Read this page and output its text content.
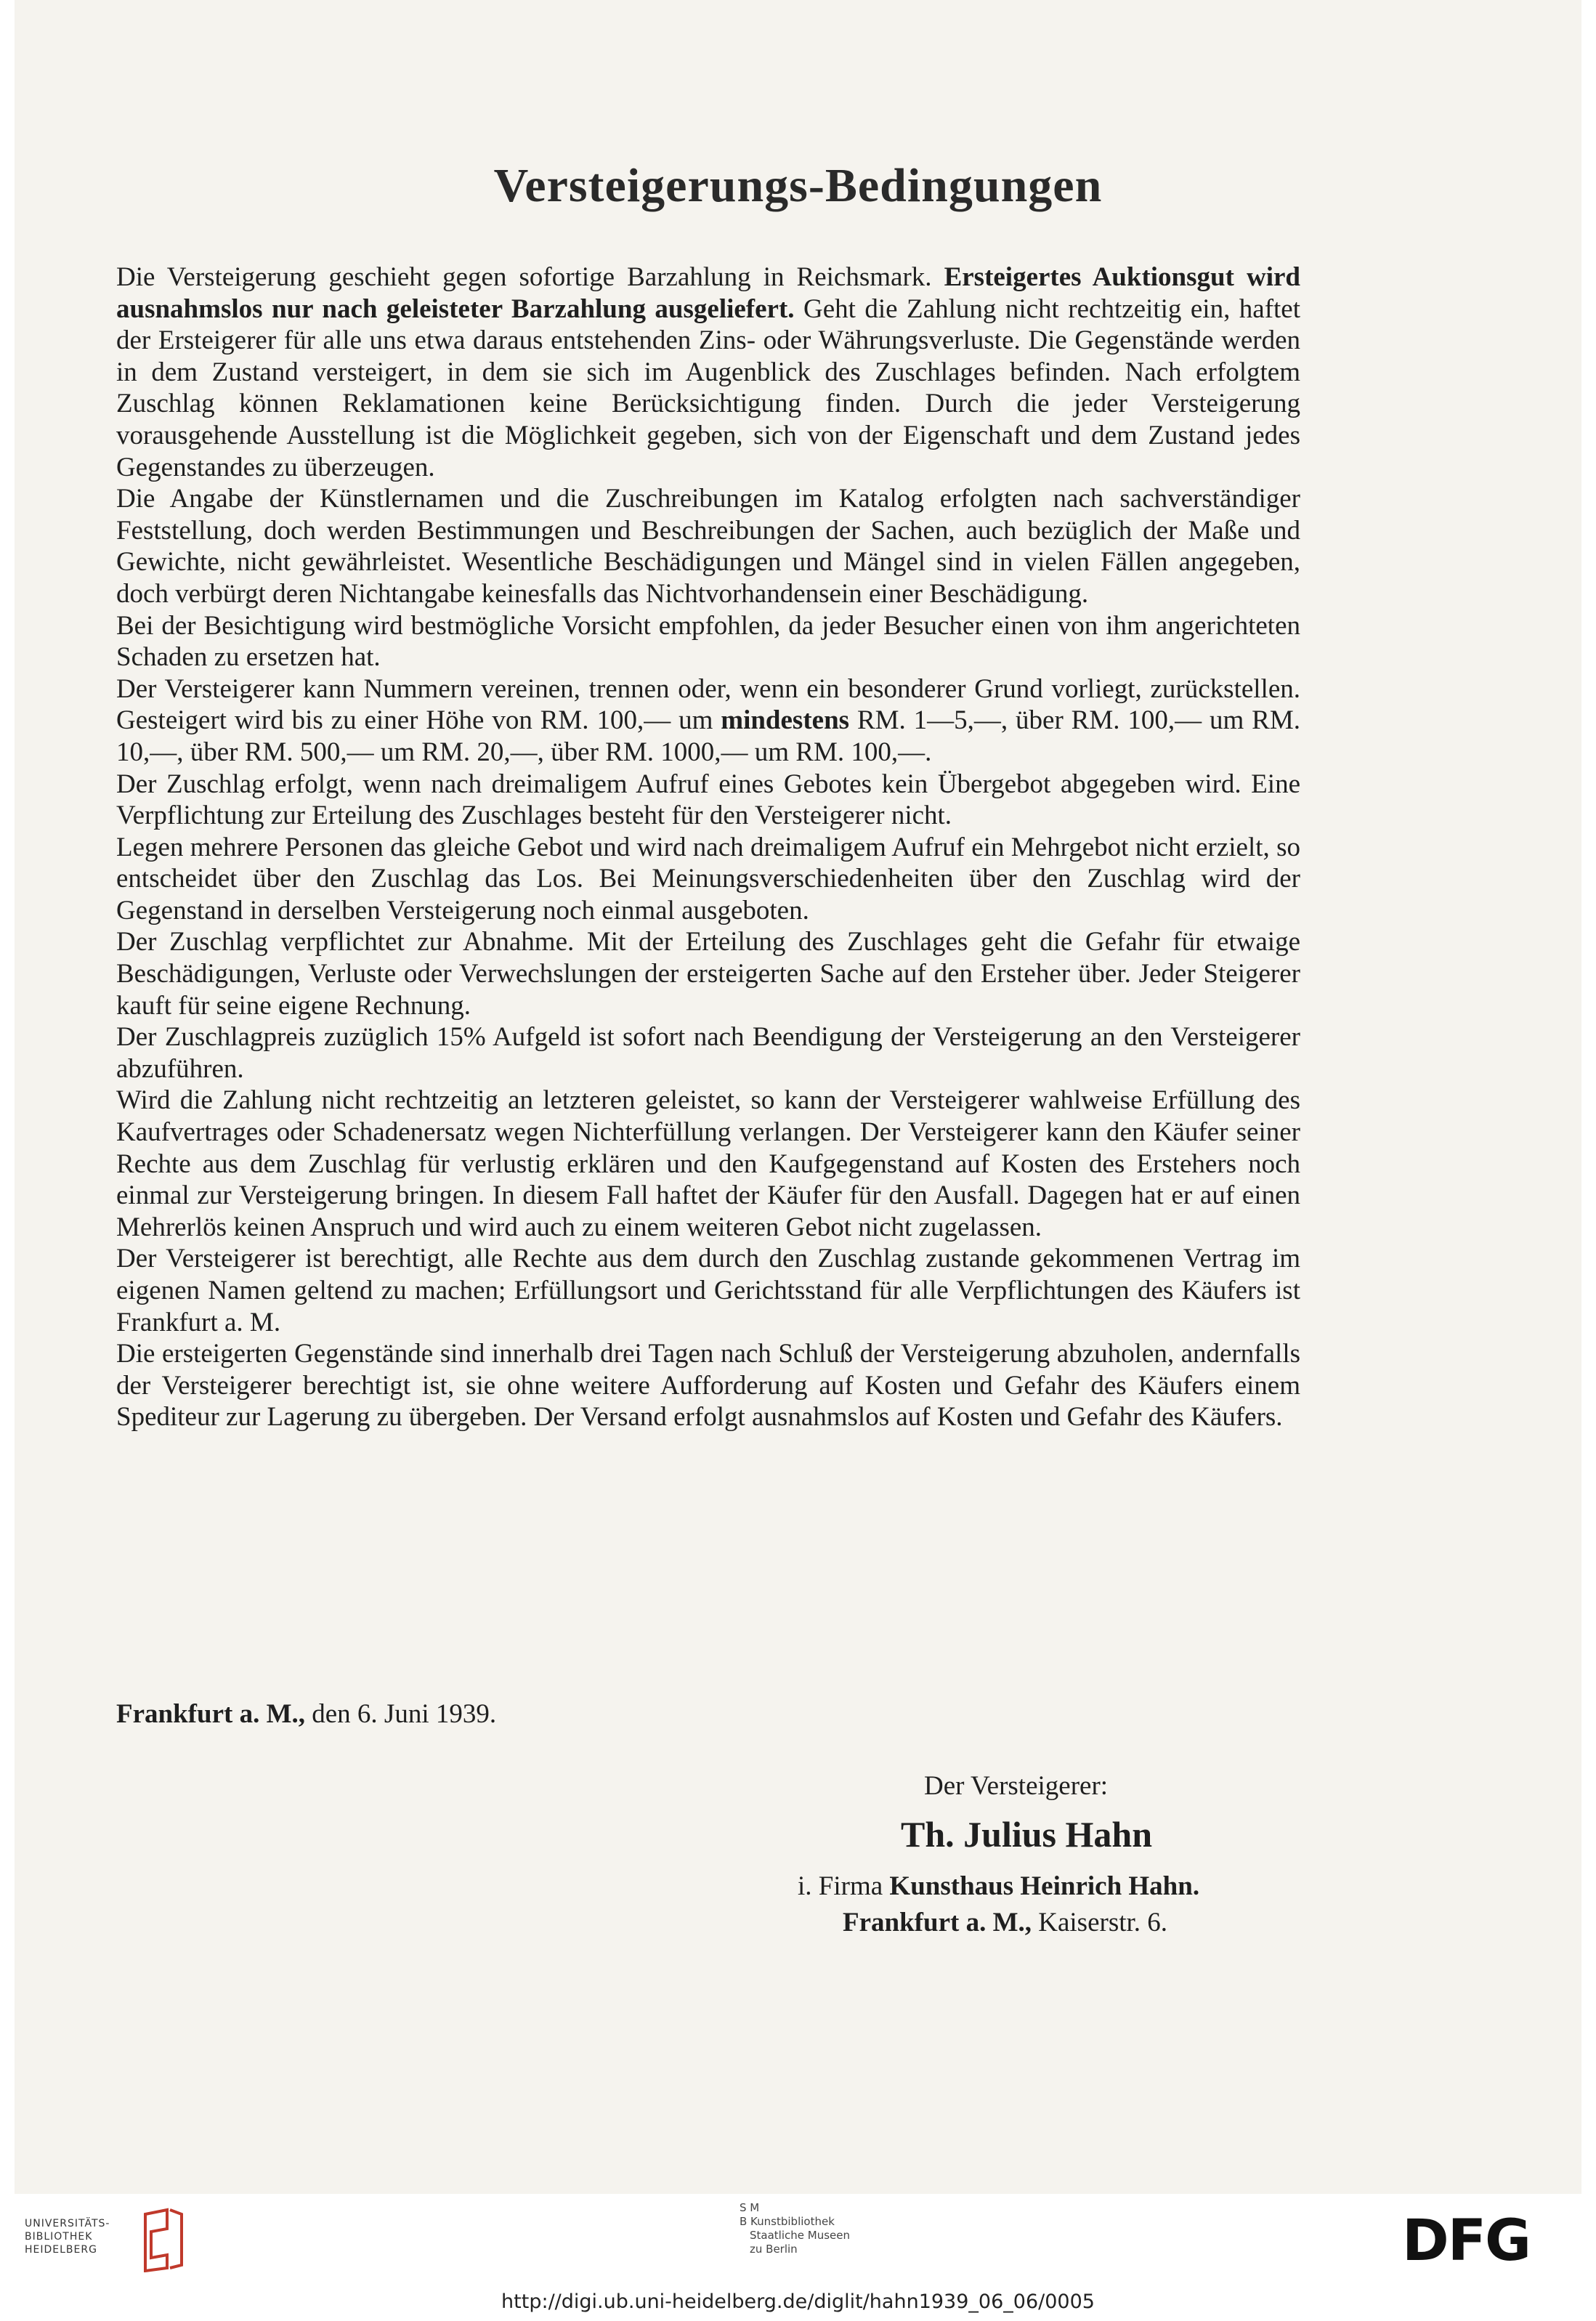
Versteigerungs-Bedingungen

Die Versteigerung geschieht gegen sofortige Barzahlung in Reichsmark. Ersteigertes Auktionsgut wird ausnahmslos nur nach geleisteter Barzahlung ausgeliefert. Geht die Zahlung nicht rechtzeitig ein, haftet der Ersteigerer für alle uns etwa daraus entstehenden Zins- oder Währungsverluste. Die Gegenstände werden in dem Zustand versteigert, in dem sie sich im Augenblick des Zuschlages befinden. Nach erfolgtem Zuschlag können Reklamationen keine Berücksichtigung finden. Durch die jeder Versteigerung vorausgehende Ausstellung ist die Möglichkeit gegeben, sich von der Eigenschaft und dem Zustand jedes Gegenstandes zu überzeugen.

Die Angabe der Künstlernamen und die Zuschreibungen im Katalog erfolgten nach sachverständiger Feststellung, doch werden Bestimmungen und Beschreibungen der Sachen, auch bezüglich der Maße und Gewichte, nicht gewährleistet. Wesentliche Beschädigungen und Mängel sind in vielen Fällen angegeben, doch verbürgt deren Nichtangabe keinesfalls das Nichtvorhandensein einer Beschädigung.

Bei der Besichtigung wird bestmögliche Vorsicht empfohlen, da jeder Besucher einen von ihm angerichteten Schaden zu ersetzen hat.

Der Versteigerer kann Nummern vereinen, trennen oder, wenn ein besonderer Grund vorliegt, zurückstellen. Gesteigert wird bis zu einer Höhe von RM. 100,— um mindestens RM. 1—5,—, über RM. 100,— um RM. 10,—, über RM. 500,— um RM. 20,—, über RM. 1000,— um RM. 100,—.

Der Zuschlag erfolgt, wenn nach dreimaligem Aufruf eines Gebotes kein Übergebot abgegeben wird. Eine Verpflichtung zur Erteilung des Zuschlages besteht für den Versteigerer nicht.

Legen mehrere Personen das gleiche Gebot und wird nach dreimaligem Aufruf ein Mehrgebot nicht erzielt, so entscheidet über den Zuschlag das Los. Bei Meinungsverschiedenheiten über den Zuschlag wird der Gegenstand in derselben Versteigerung noch einmal ausgeboten.

Der Zuschlag verpflichtet zur Abnahme. Mit der Erteilung des Zuschlages geht die Gefahr für etwaige Beschädigungen, Verluste oder Verwechslungen der ersteigerten Sache auf den Ersteher über. Jeder Steigerer kauft für seine eigene Rechnung.

Der Zuschlagpreis zuzüglich 15% Aufgeld ist sofort nach Beendigung der Versteigerung an den Versteigerer abzuführen.

Wird die Zahlung nicht rechtzeitig an letzteren geleistet, so kann der Versteigerer wahlweise Erfüllung des Kaufvertrages oder Schadenersatz wegen Nichterfüllung verlangen. Der Versteigerer kann den Käufer seiner Rechte aus dem Zuschlag für verlustig erklären und den Kaufgegenstand auf Kosten des Erstehers noch einmal zur Versteigerung bringen. In diesem Fall haftet der Käufer für den Ausfall. Dagegen hat er auf einen Mehrerlös keinen Anspruch und wird auch zu einem weiteren Gebot nicht zugelassen.

Der Versteigerer ist berechtigt, alle Rechte aus dem durch den Zuschlag zustande gekommenen Vertrag im eigenen Namen geltend zu machen; Erfüllungsort und Gerichtsstand für alle Verpflichtungen des Käufers ist Frankfurt a. M.

Die ersteigerten Gegenstände sind innerhalb drei Tagen nach Schluß der Versteigerung abzuholen, andernfalls der Versteigerer berechtigt ist, sie ohne weitere Aufforderung auf Kosten und Gefahr des Käufers einem Spediteur zur Lagerung zu übergeben. Der Versand erfolgt ausnahmslos auf Kosten und Gefahr des Käufers.

Frankfurt a. M., den 6. Juni 1939.
Der Versteigerer:
Th. Julius Hahn
i. Firma Kunsthaus Heinrich Hahn.
Frankfurt a. M., Kaiserstr. 6.
UNIVERSITÄTS-
BIBLIOTHEK
HEIDELBERG
S M
B Kunstbibliothek
Staatliche Museen
zu Berlin	DFG
http://digi.ub.uni-heidelberg.de/diglit/hahn1939_06_06/0005
